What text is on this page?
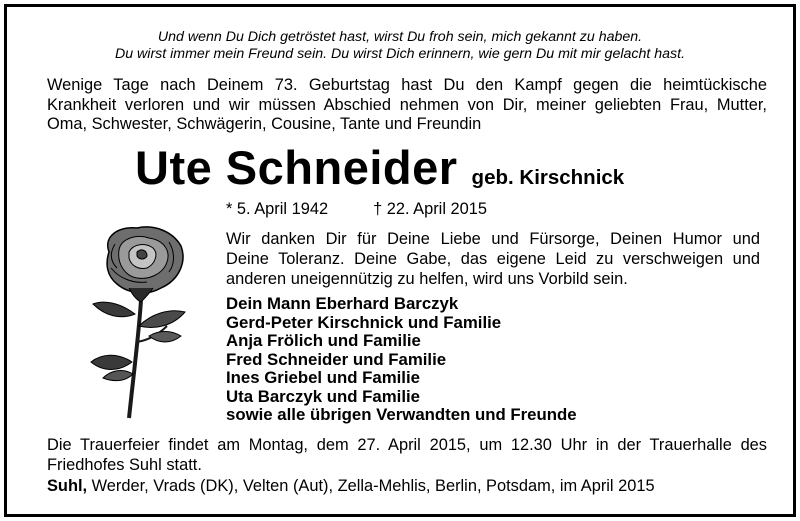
Und wenn Du Dich getröstet hast, wirst Du froh sein, mich gekannt zu haben.
Du wirst immer mein Freund sein. Du wirst Dich erinnern, wie gern Du mit mir gelacht hast.
Wenige Tage nach Deinem 73. Geburtstag hast Du den Kampf gegen die heimtückische
Krankheit verloren und wir müssen Abschied nehmen von Dir, meiner geliebten Frau, Mutter,
Oma, Schwester, Schwägerin, Cousine, Tante und Freundin
Ute Schneider geb. Kirschnick
* 5. April 1942	† 22. April 2015
Wir danken Dir für Deine Liebe und Fürsorge, Deinen Humor und
Deine Toleranz. Deine Gabe, das eigene Leid zu verschweigen und
anderen uneigennützig zu helfen, wird uns Vorbild sein.
Dein Mann Eberhard Barczyk
Gerd-Peter Kirschnick und Familie
Anja Frölich und Familie
Fred Schneider und Familie
Ines Griebel und Familie
Uta Barczyk und Familie
sowie alle übrigen Verwandten und Freunde
Die Trauerfeier findet am Montag, dem 27. April 2015, um 12.30 Uhr in der Trauerhalle des
Friedhofes Suhl statt.
Suhl, Werder, Vrads (DK), Velten (Aut), Zella-Mehlis, Berlin, Potsdam, im April 2015
